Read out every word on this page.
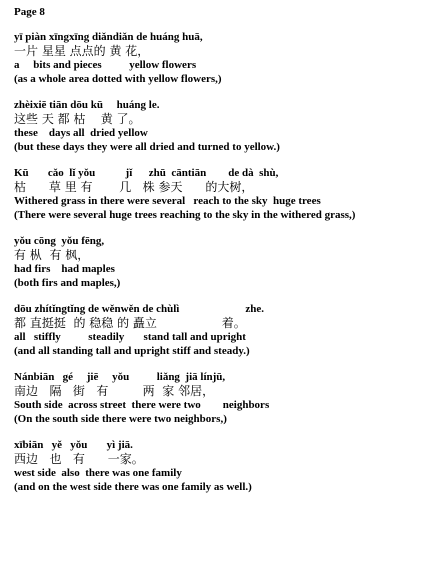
Page 8
yī piàn xīngxīng diǎndiǎn de huáng huā,
一片 星星 点点的 黄 花，
a     bits and pieces          yellow flowers
(as a whole area dotted with yellow flowers,)
zhèixiē tiān dōu kū     huáng le.
这些 天 都 枯    黄 了。
these    days all  dried yellow
(but these days they were all dried and turned to yellow.)
Kū       cǎo  lǐ yǒu           jǐ      zhū  cāntiān        de dà  shù,
枯      草 里 有       几   株 参天      的大树，
Withered grass in there were several   reach to the sky  huge trees
(There were several huge trees reaching to the sky in the withered grass,)
yǒu cōng  yǒu fēng,
有 枞  有 枫，
had firs    had maples
(both firs and maples,)
dōu zhítǐngtǐng de wěnwěn de chùlì                        zhe.
都 直挺挺  的 稳稳 的 矗立                 着。
all   stiffly          steadily       stand tall and upright
(and all standing tall and upright stiff and steady.)
Nánbiān   gé     jiē     yǒu          liǎng  jiā línjū,
南边   隔   街   有         两  家 邻居，
South side  across street  there were two        neighbors
(On the south side there were two neighbors,)
xībiān   yě   yǒu       yì jiā.
西边   也   有      一家。
west side  also  there was one family
(and on the west side there was one family as well.)
